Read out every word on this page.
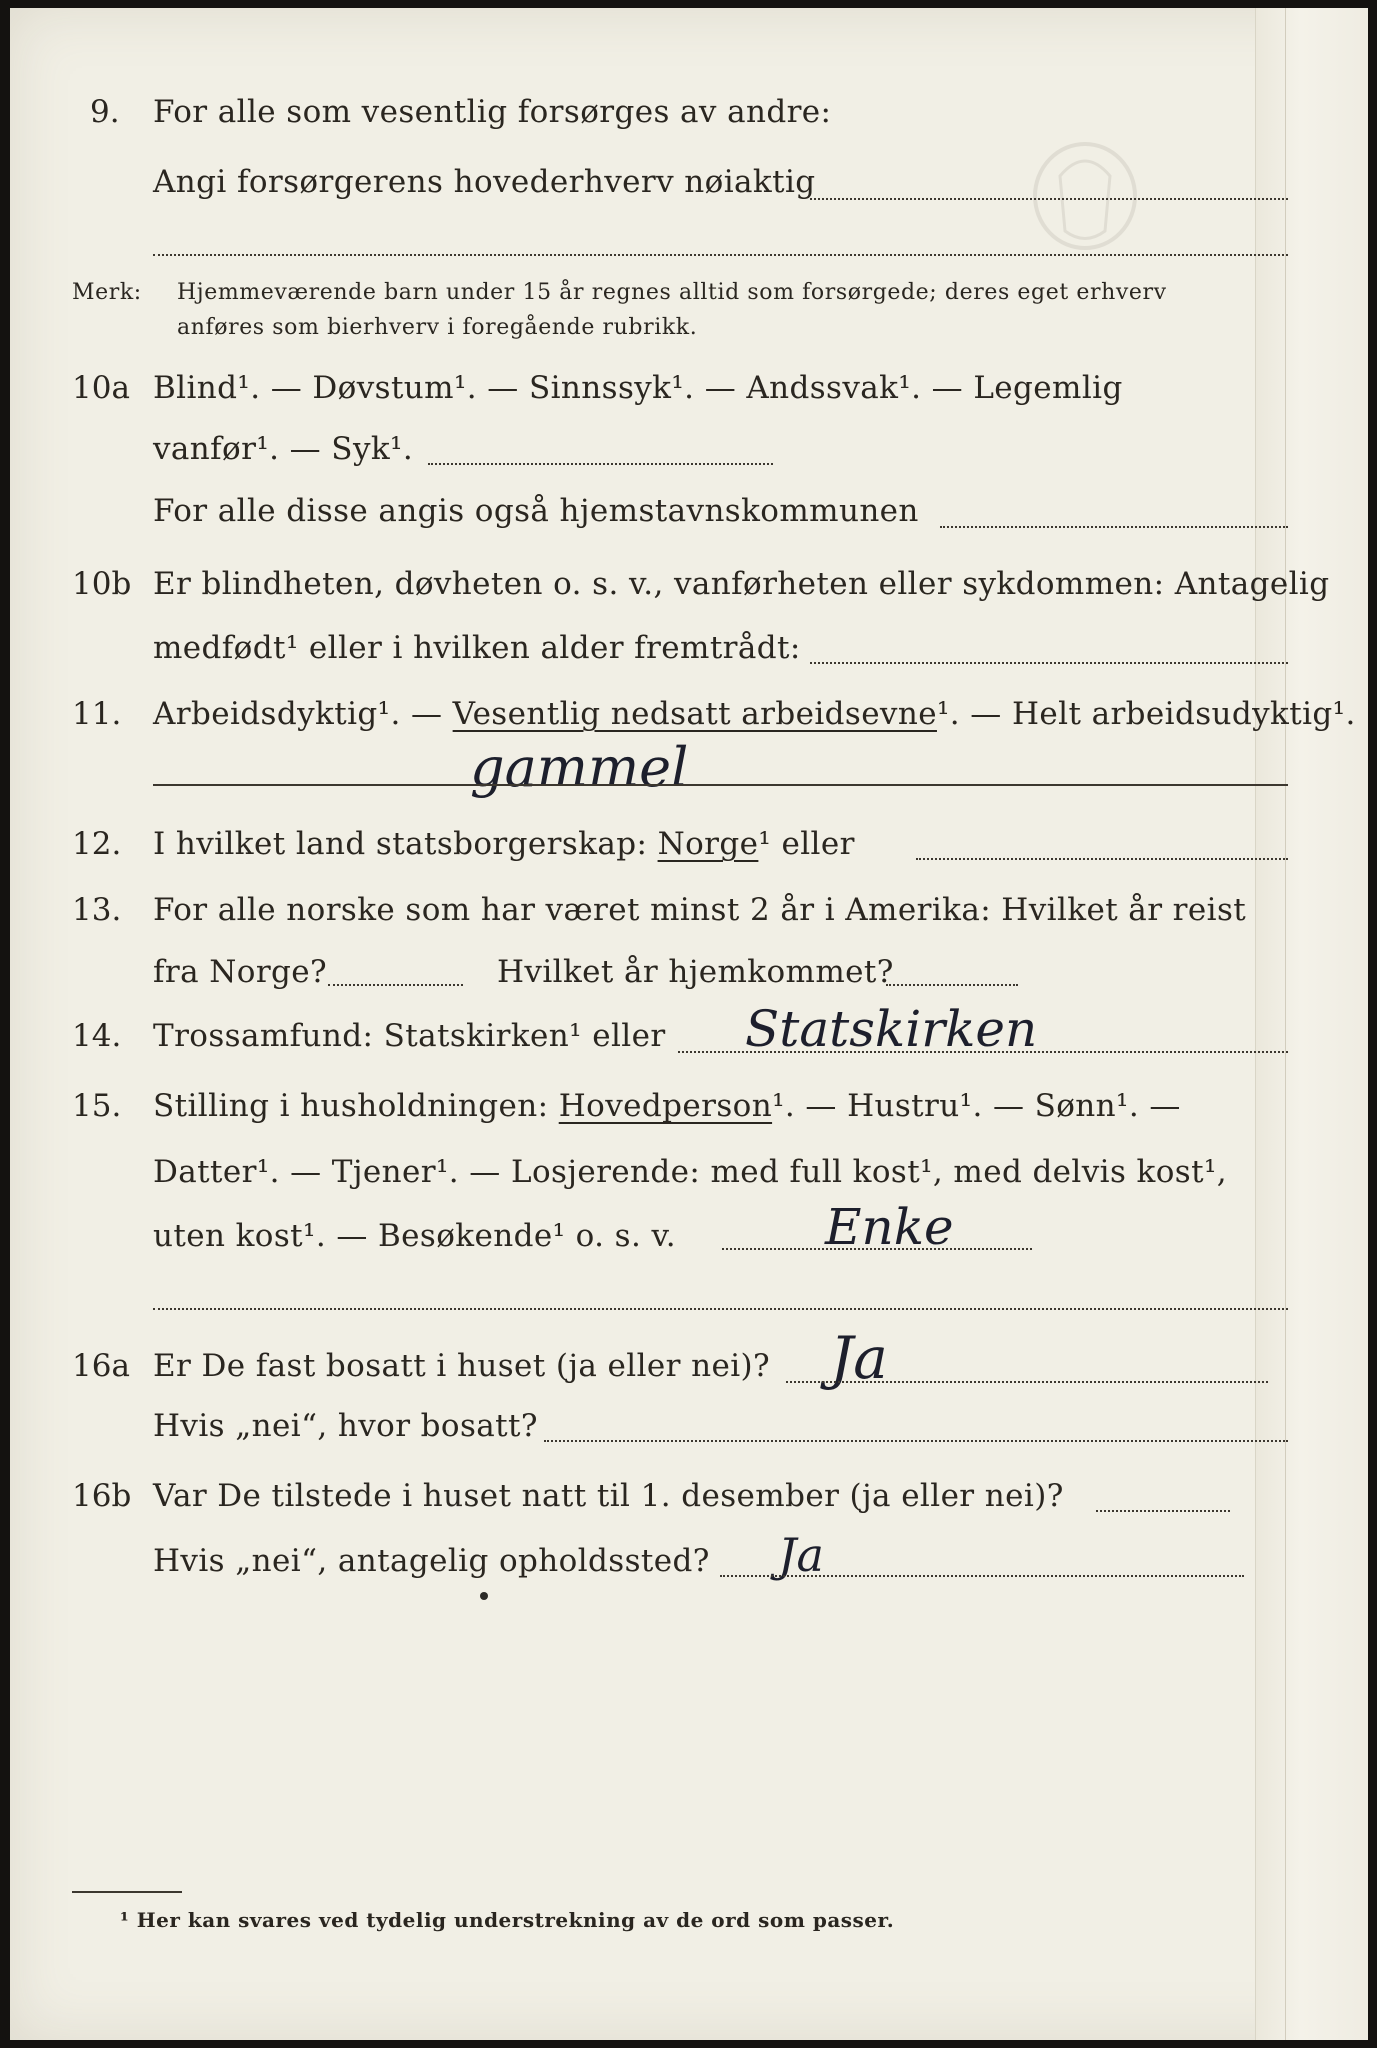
9. For alle som vesentlig forsørges av andre:
Angi forsørgerens hovederhverv nøiaktig
Merk: Hjemmeværende barn under 15 år regnes alltid som forsørgede; deres eget erhverv
anføres som bierhverv i foregående rubrikk.
10a Blind¹. — Døvstum¹. — Sinnssyk¹. — Andssvak¹. — Legemlig
vanfør¹. — Syk¹.
For alle disse angis også hjemstavnskommunen
10b Er blindheten, døvheten o. s. v., vanførheten eller sykdommen: Antagelig
medfødt¹ eller i hvilken alder fremtrådt:
11. Arbeidsdyktig¹. — Vesentlig nedsatt arbeidsevne¹. — Helt arbeidsudyktig¹.
gammel
12. I hvilket land statsborgerskap: Norge¹ eller
13. For alle norske som har været minst 2 år i Amerika: Hvilket år reist
fra Norge?	Hvilket år hjemkommet?
14. Trossamfund: Statskirken¹ eller Statskirken
15. Stilling i husholdningen: Hovedperson¹. — Hustru¹. — Sønn¹. —
Datter¹. — Tjener¹. — Losjerende: med full kost¹, med delvis kost¹,
uten kost¹. — Besøkende¹ o. s. v.	Enke
16a Er De fast bosatt i huset (ja eller nei)? Ja
Hvis „nei“, hvor bosatt?
16b Var De tilstede i huset natt til 1. desember (ja eller nei)?
Hvis „nei“, antagelig opholdssted? Ja
¹ Her kan svares ved tydelig understrekning av de ord som passer.
